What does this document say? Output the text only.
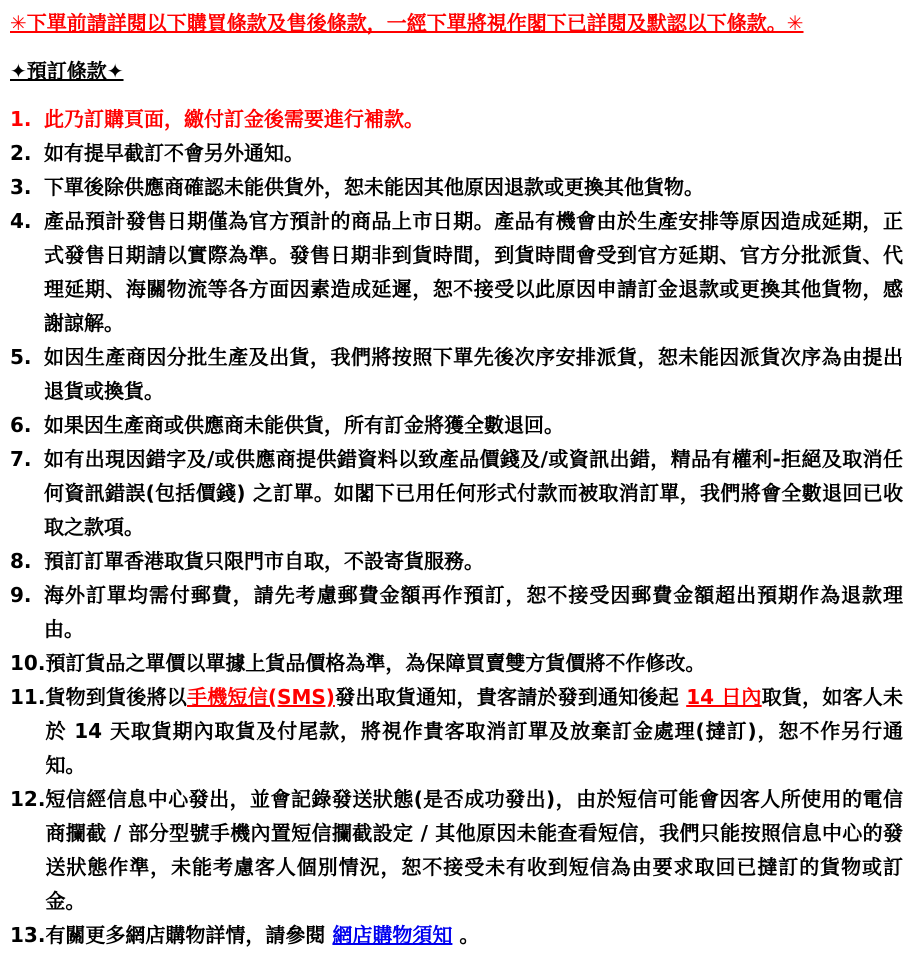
✳下單前請詳閱以下購買條款及售後條款，一經下單將視作閣下已詳閱及默認以下條款。✳
✦預訂條款✦
1. 此乃訂購頁面，繳付訂金後需要進行補款。
2. 如有提早截訂不會另外通知。
3. 下單後除供應商確認未能供貨外，恕未能因其他原因退款或更換其他貨物。
4. 產品預計發售日期僅為官方預計的商品上市日期。產品有機會由於生產安排等原因造成延期，正式發售日期請以實際為準。發售日期非到貨時間，到貨時間會受到官方延期、官方分批派貨、代理延期、海關物流等各方面因素造成延遲，恕不接受以此原因申請訂金退款或更換其他貨物，感謝諒解。
5. 如因生產商因分批生產及出貨，我們將按照下單先後次序安排派貨，恕未能因派貨次序為由提出退貨或換貨。
6. 如果因生產商或供應商未能供貨，所有訂金將獲全數退回。
7. 如有出現因錯字及/或供應商提供錯資料以致產品價錢及/或資訊出錯，精品有權利-拒絕及取消任何資訊錯誤(包括價錢) 之訂單。如閣下已用任何形式付款而被取消訂單，我們將會全數退回已收取之款項。
8. 預訂訂單香港取貨只限門市自取，不設寄貨服務。
9. 海外訂單均需付郵費，請先考慮郵費金額再作預訂，恕不接受因郵費金額超出預期作為退款理由。
10. 預訂貨品之單價以單據上貨品價格為準，為保障買賣雙方貨價將不作修改。
11. 貨物到貨後將以手機短信(SMS)發出取貨通知，貴客請於發到通知後起 14 日內取貨，如客人未於 14 天取貨期內取貨及付尾款，將視作貴客取消訂單及放棄訂金處理(撻訂)，恕不作另行通知。
12. 短信經信息中心發出，並會記錄發送狀態(是否成功發出)，由於短信可能會因客人所使用的電信商攔截 / 部分型號手機內置短信攔截設定 / 其他原因未能查看短信，我們只能按照信息中心的發送狀態作準，未能考慮客人個別情況，恕不接受未有收到短信為由要求取回已撻訂的貨物或訂金。
13. 有關更多網店購物詳情，請參閱 網店購物須知 。
